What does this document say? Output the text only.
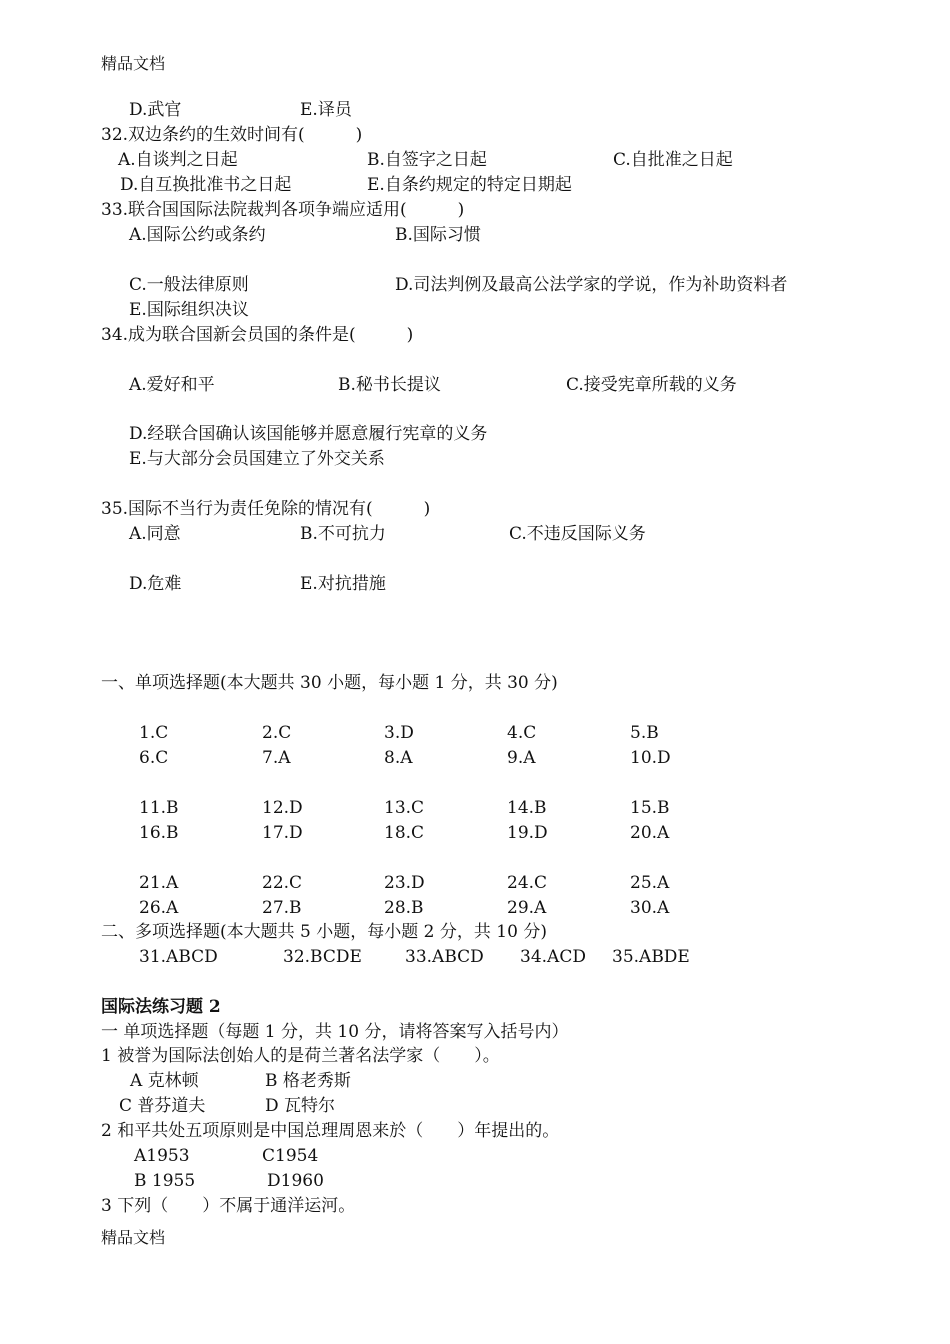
精品文档
D.武官	E.译员
32.双边条约的生效时间有(　　　)
A.自谈判之日起	B.自签字之日起	C.自批准之日起
D.自互换批准书之日起	E.自条约规定的特定日期起
33.联合国国际法院裁判各项争端应适用(　　　)
A.国际公约或条约	B.国际习惯
C.一般法律原则	D.司法判例及最高公法学家的学说，作为补助资料者
E.国际组织决议
34.成为联合国新会员国的条件是(　　　)
A.爱好和平	B.秘书长提议	C.接受宪章所载的义务
D.经联合国确认该国能够并愿意履行宪章的义务
E.与大部分会员国建立了外交关系
35.国际不当行为责任免除的情况有(　　　)
A.同意	B.不可抗力	C.不违反国际义务
D.危难	E.对抗措施
一、单项选择题(本大题共 30 小题，每小题 1 分，共 30 分)
1.C	2.C	3.D	4.C	5.B
6.C	7.A	8.A	9.A	10.D
11.B	12.D	13.C	14.B	15.B
16.B	17.D	18.C	19.D	20.A
21.A	22.C	23.D	24.C	25.A
26.A	27.B	28.B	29.A	30.A
二、多项选择题(本大题共 5 小题，每小题 2 分，共 10 分)
31.ABCD	32.BCDE	33.ABCD 34.ACD 35.ABDE
国际法练习题 2
一 单项选择题（每题 1 分，共 10 分，请将答案写入括号内）
1 被誉为国际法创始人的是荷兰著名法学家（　　）。
A 克林顿	B 格老秀斯
C 普芬道夫	D 瓦特尔
2 和平共处五项原则是中国总理周恩来於（　　）年提出的。
A1953	C1954
B 1955	D1960
3 下列（　　）不属于通洋运河。
精品文档
